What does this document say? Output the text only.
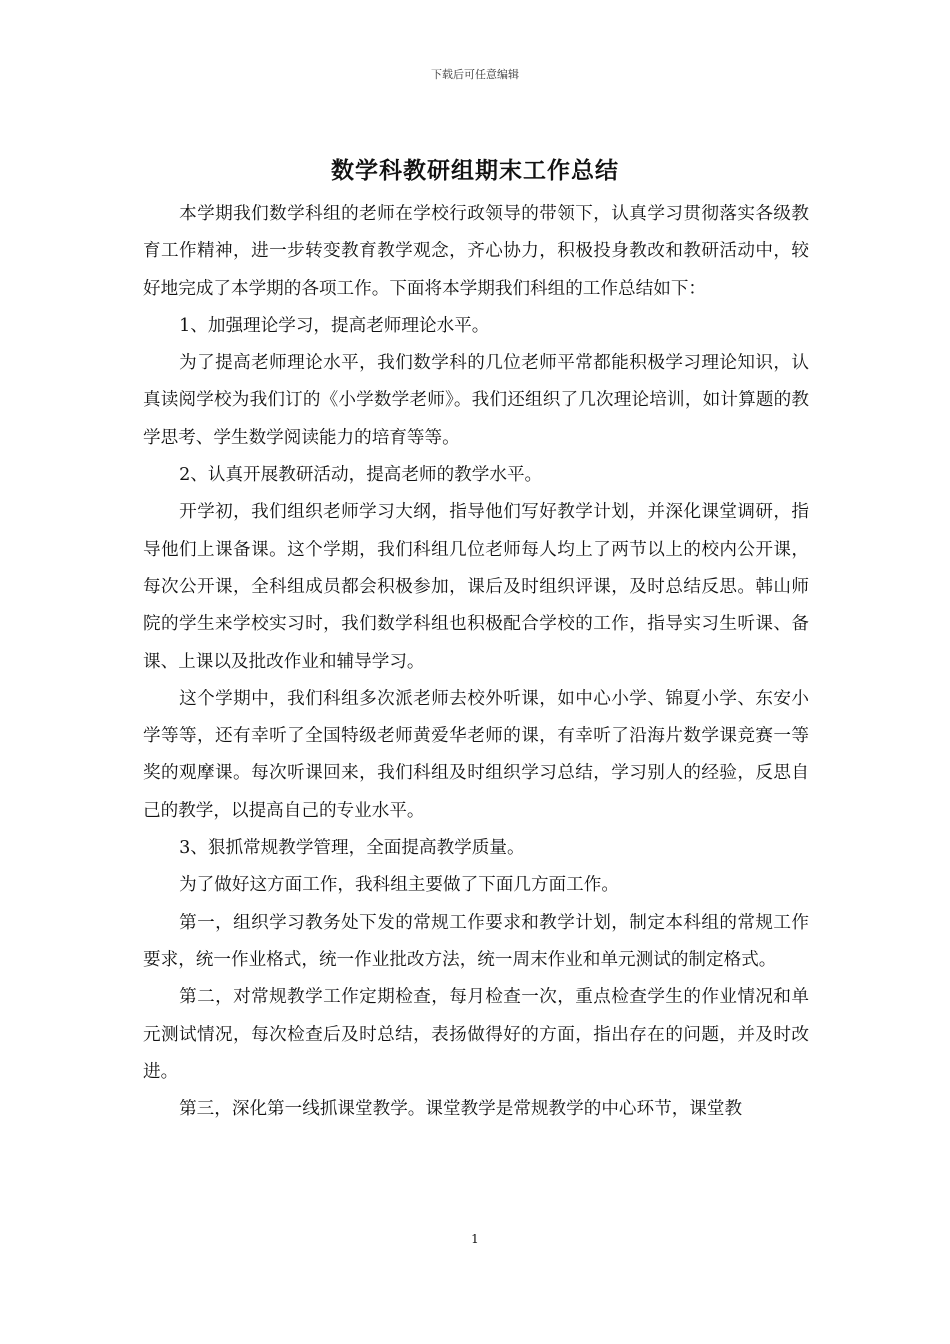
下载后可任意编辑
数学科教研组期末工作总结

本学期我们数学科组的老师在学校行政领导的带领下，认真学习贯彻落实各级教育工作精神，进一步转变教育教学观念，齐心协力，积极投身教改和教研活动中，较好地完成了本学期的各项工作。下面将本学期我们科组的工作总结如下：

1、加强理论学习，提高老师理论水平。

为了提高老师理论水平，我们数学科的几位老师平常都能积极学习理论知识，认真读阅学校为我们订的《小学数学老师》。我们还组织了几次理论培训，如计算题的教学思考、学生数学阅读能力的培育等等。

2、认真开展教研活动，提高老师的教学水平。

开学初，我们组织老师学习大纲，指导他们写好教学计划，并深化课堂调研，指导他们上课备课。这个学期，我们科组几位老师每人均上了两节以上的校内公开课，每次公开课，全科组成员都会积极参加，课后及时组织评课，及时总结反思。韩山师院的学生来学校实习时，我们数学科组也积极配合学校的工作，指导实习生听课、备课、上课以及批改作业和辅导学习。

这个学期中，我们科组多次派老师去校外听课，如中心小学、锦夏小学、东安小学等等，还有幸听了全国特级老师黄爱华老师的课，有幸听了沿海片数学课竞赛一等奖的观摩课。每次听课回来，我们科组及时组织学习总结，学习别人的经验，反思自己的教学，以提高自己的专业水平。

3、狠抓常规教学管理，全面提高教学质量。

为了做好这方面工作，我科组主要做了下面几方面工作。

第一，组织学习教务处下发的常规工作要求和教学计划，制定本科组的常规工作要求，统一作业格式，统一作业批改方法，统一周末作业和单元测试的制定格式。

第二，对常规教学工作定期检查，每月检查一次，重点检查学生的作业情况和单元测试情况，每次检查后及时总结，表扬做得好的方面，指出存在的问题，并及时改进。

第三，深化第一线抓课堂教学。课堂教学是常规教学的中心环节，课堂教

1
